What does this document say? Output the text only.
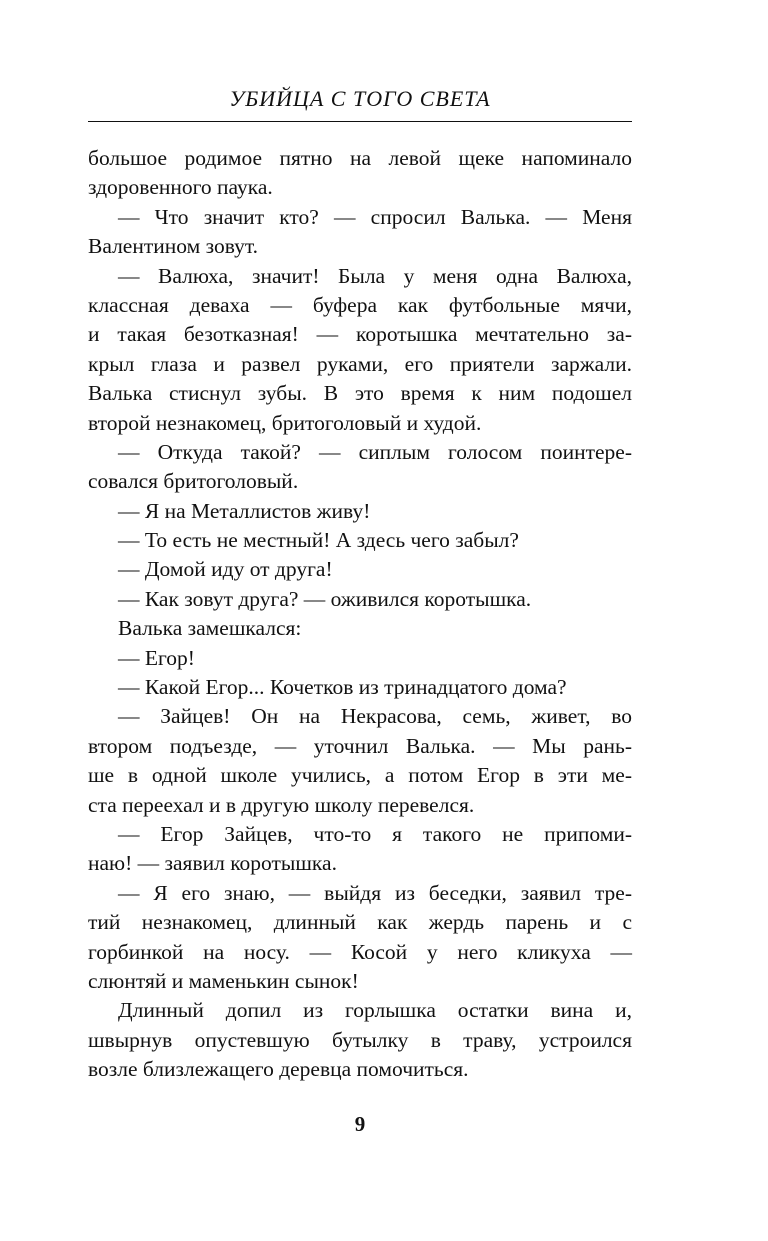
УБИЙЦА С ТОГО СВЕТА
большое родимое пятно на левой щеке напоминало
здоровенного паука.
— Что значит кто? — спросил Валька. — Меня
Валентином зовут.
— Валюха, значит! Была у меня одна Валюха,
классная деваха — буфера как футбольные мячи,
и такая безотказная! — коротышка мечтательно за-
крыл глаза и развел руками, его приятели заржали.
Валька стиснул зубы. В это время к ним подошел
второй незнакомец, бритоголовый и худой.
— Откуда такой? — сиплым голосом поинтере-
совался бритоголовый.
— Я на Металлистов живу!
— То есть не местный! А здесь чего забыл?
— Домой иду от друга!
— Как зовут друга? — оживился коротышка.
Валька замешкался:
— Егор!
— Какой Егор... Кочетков из тринадцатого дома?
— Зайцев! Он на Некрасова, семь, живет, во
втором подъезде, — уточнил Валька. — Мы рань-
ше в одной школе учились, а потом Егор в эти ме-
ста переехал и в другую школу перевелся.
— Егор Зайцев, что-то я такого не припоми-
наю! — заявил коротышка.
— Я его знаю, — выйдя из беседки, заявил тре-
тий незнакомец, длинный как жердь парень и с
горбинкой на носу. — Косой у него кликуха —
слюнтяй и маменькин сынок!
Длинный допил из горлышка остатки вина и,
швырнув опустевшую бутылку в траву, устроился
возле близлежащего деревца помочиться.
9
